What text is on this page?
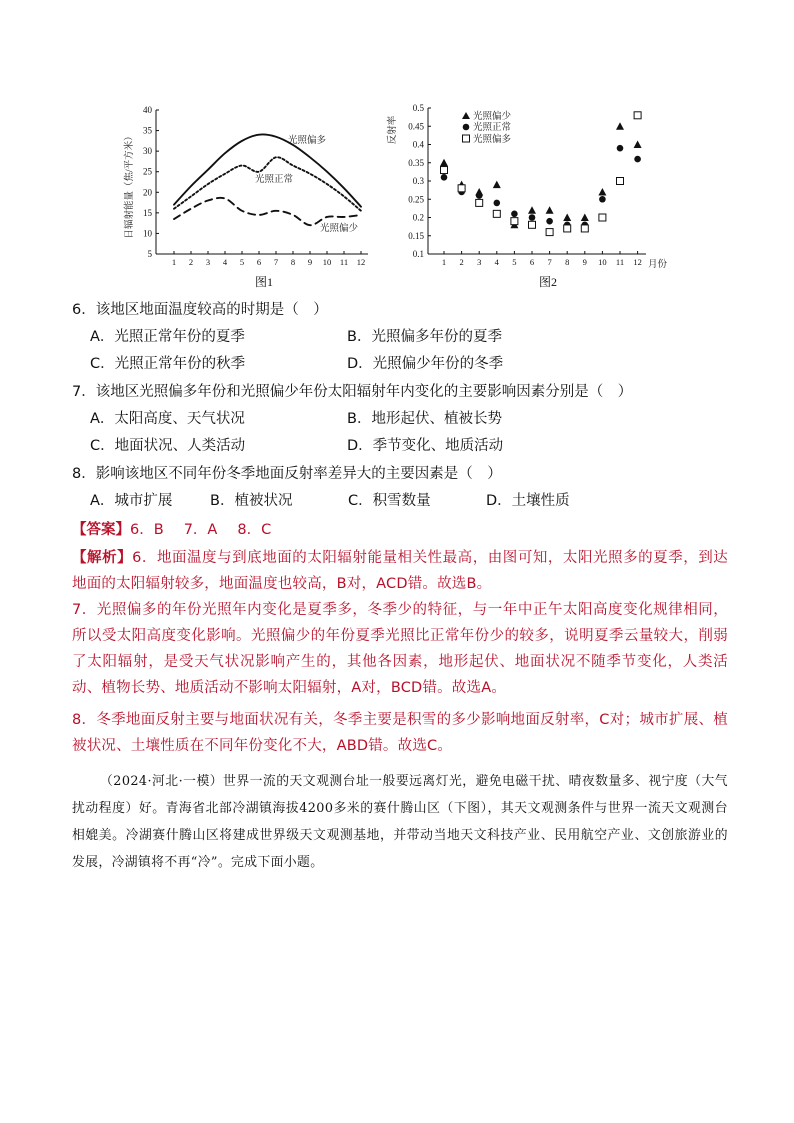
5
10
15
20
25
30
35
40
1 2 3 4 5 6 7 8 9 10 11 12
日辐射能量（焦/平方米）	光照偏多
光照正常
光照偏少
图1
0.1
0.15
0.2
0.25
0.3
0.35
0.4
0.45
0.5
1 2 3 4 5 6 7 8 9 10 11 12
反射率	光照偏少
光照正常
光照偏多
月份
图2
6．该地区地面温度较高的时期是（　）
A．光照正常年份的夏季	B．光照偏多年份的夏季
C．光照正常年份的秋季	D．光照偏少年份的冬季
7．该地区光照偏多年份和光照偏少年份太阳辐射年内变化的主要影响因素分别是（　）
A．太阳高度、天气状况	B．地形起伏、植被长势
C．地面状况、人类活动	D．季节变化、地质活动
8．影响该地区不同年份冬季地面反射率差异大的主要因素是（　）
A．城市扩展	B．植被状况	C．积雪数量	D．土壤性质
【答案】6．B 7．A 8．C
【解析】6．地面温度与到底地面的太阳辐射能量相关性最高，由图可知，太阳光照多的夏季，到达地面的太阳辐射较多，地面温度也较高，B对，ACD错。故选B。
7．光照偏多的年份光照年内变化是夏季多，冬季少的特征，与一年中正午太阳高度变化规律相同，所以受太阳高度变化影响。光照偏少的年份夏季光照比正常年份少的较多，说明夏季云量较大，削弱了太阳辐射，是受天气状况影响产生的，其他各因素，地形起伏、地面状况不随季节变化，人类活动、植物长势、地质活动不影响太阳辐射，A对，BCD错。故选A。
8．冬季地面反射主要与地面状况有关，冬季主要是积雪的多少影响地面反射率，C对；城市扩展、植被状况、土壤性质在不同年份变化不大，ABD错。故选C。
（2024·河北·一模）世界一流的天文观测台址一般要远离灯光，避免电磁干扰、晴夜数量多、视宁度（大气扰动程度）好。青海省北部冷湖镇海拔4200多米的赛什腾山区（下图），其天文观测条件与世界一流天文观测台相媲美。冷湖赛什腾山区将建成世界级天文观测基地，并带动当地天文科技产业、民用航空产业、文创旅游业的发展，冷湖镇将不再“冷”。完成下面小题。
